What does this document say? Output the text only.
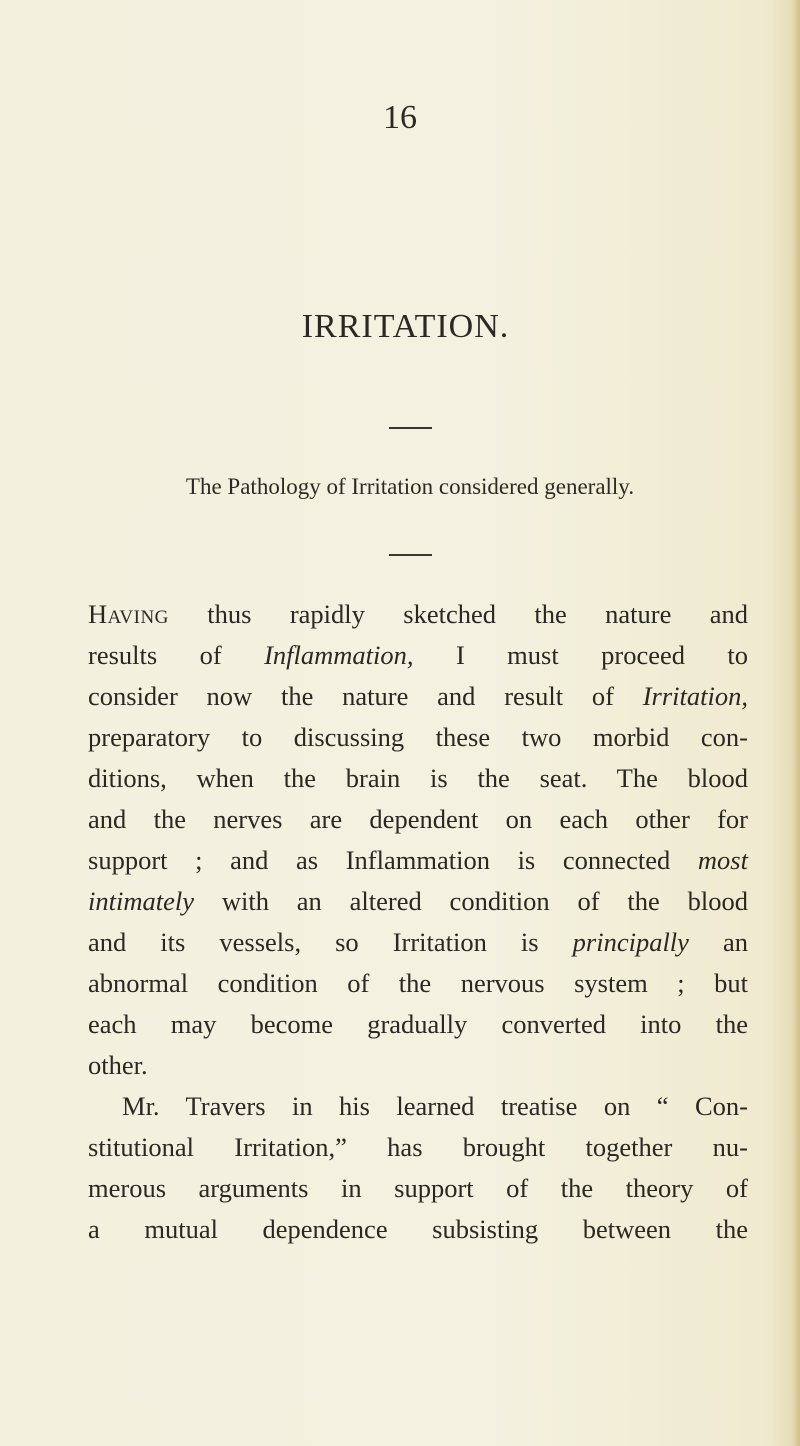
16
IRRITATION.
The Pathology of Irritation considered generally.
Having thus rapidly sketched the nature and
results of Inflammation, I must proceed to
consider now the nature and result of Irritation,
preparatory to discussing these two morbid con-
ditions, when the brain is the seat. The blood
and the nerves are dependent on each other for
support ; and as Inflammation is connected most
intimately with an altered condition of the blood
and its vessels, so Irritation is principally an
abnormal condition of the nervous system ; but
each may become gradually converted into the
other.
Mr. Travers in his learned treatise on “ Con-
stitutional Irritation,” has brought together nu-
merous arguments in support of the theory of
a mutual dependence subsisting between the
